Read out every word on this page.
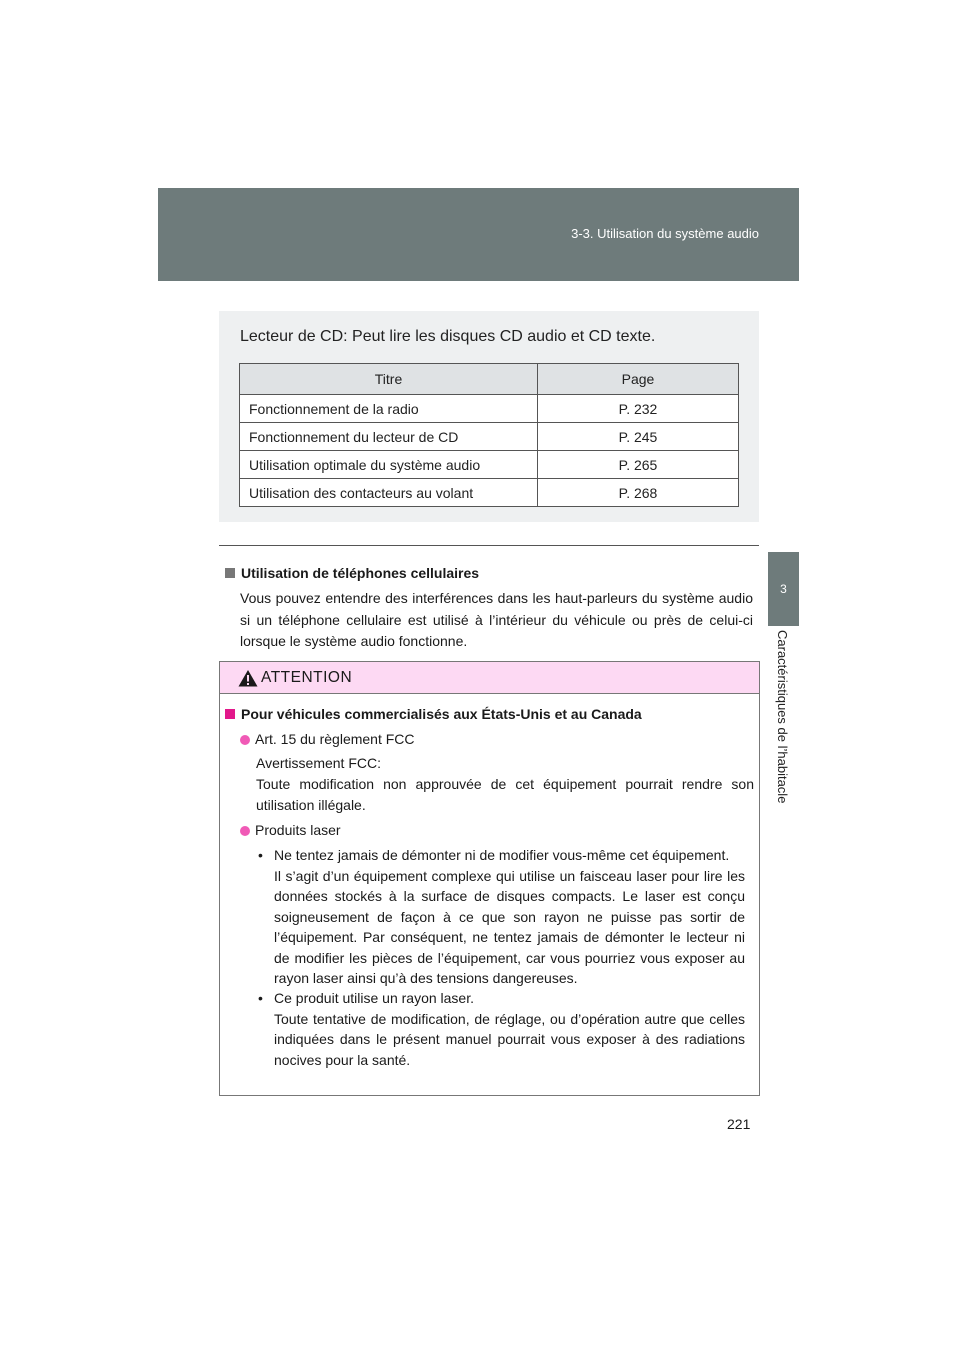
3-3. Utilisation du système audio
3
Caractéristiques de l’habitacle
Lecteur de CD: Peut lire les disques CD audio et CD texte.
Titre	Page
Fonctionnement de la radio	P. 232
Fonctionnement du lecteur de CD	P. 245
Utilisation optimale du système audio	P. 265
Utilisation des contacteurs au volant	P. 268
Utilisation de téléphones cellulaires
Vous pouvez entendre des interférences dans les haut-parleurs du système audio si un téléphone cellulaire est utilisé à l’intérieur du véhicule ou près de celui-ci lorsque le système audio fonctionne.
ATTENTION
Pour véhicules commercialisés aux États-Unis et au Canada
Art. 15 du règlement FCC
Avertissement FCC:
Toute modification non approuvée de cet équipement pourrait rendre son utilisation illégale.
Produits laser
• Ne tentez jamais de démonter ni de modifier vous-même cet équipement.
Il s’agit d’un équipement complexe qui utilise un faisceau laser pour lire les données stockés à la surface de disques compacts. Le laser est conçu soigneusement de façon à ce que son rayon ne puisse pas sortir de l’équipement. Par conséquent, ne tentez jamais de démonter le lecteur ni de modifier les pièces de l’équipement, car vous pourriez vous exposer au rayon laser ainsi qu’à des tensions dangereuses.
• Ce produit utilise un rayon laser.
Toute tentative de modification, de réglage, ou d’opération autre que celles indiquées dans le présent manuel pourrait vous exposer à des radiations nocives pour la santé.
221
